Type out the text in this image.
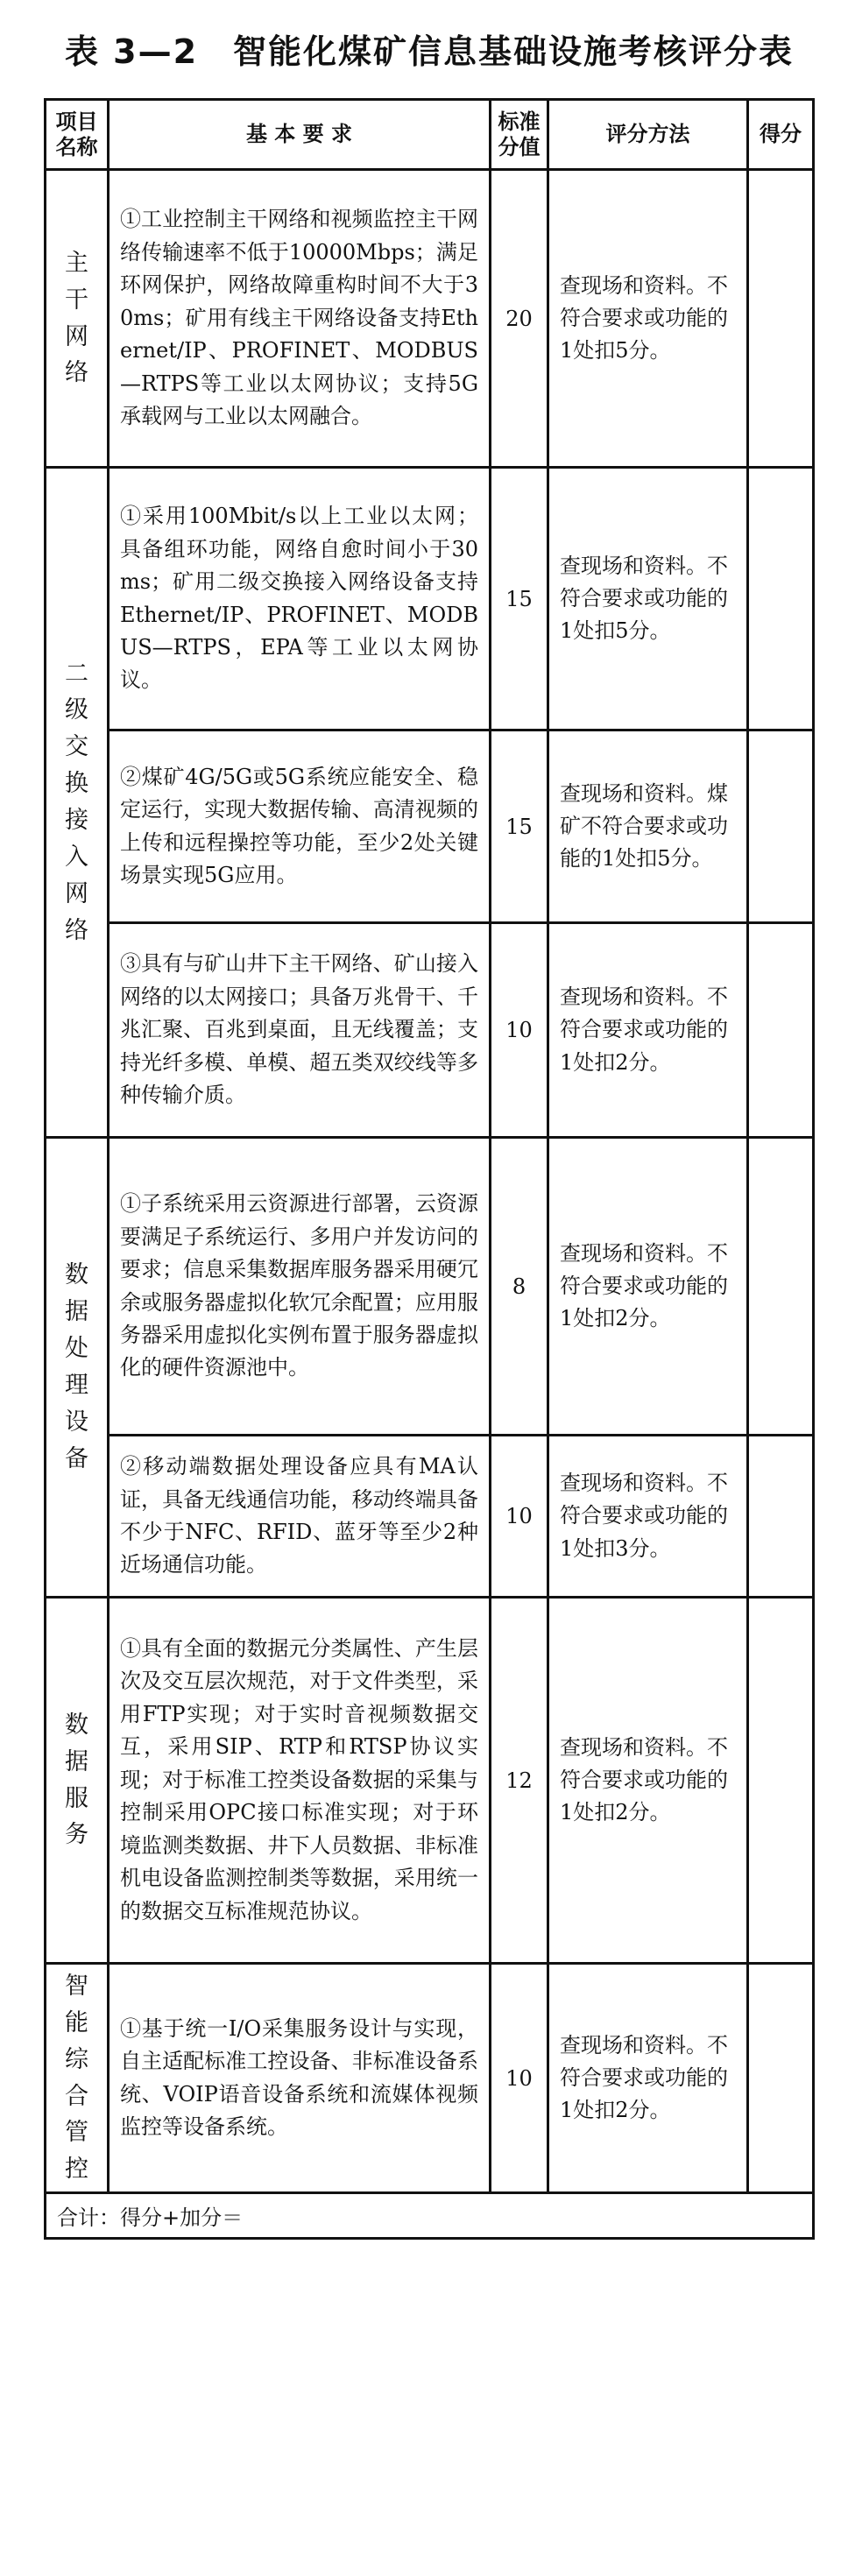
表 3—2　智能化煤矿信息基础设施考核评分表
项目名称	基 本 要 求	标准分值	评分方法	得分
主干网络	①工业控制主干网络和视频监控主干网络传输速率不低于10000Mbps；满足环网保护，网络故障重构时间不大于30ms；矿用有线主干网络设备支持Ethernet/IP、PROFINET、MODBUS—RTPS等工业以太网协议；支持5G承载网与工业以太网融合。	20	查现场和资料。不符合要求或功能的1处扣5分。	
二级交换接入网络	①采用100Mbit/s以上工业以太网；具备组环功能，网络自愈时间小于30ms；矿用二级交换接入网络设备支持Ethernet/IP、PROFINET、MODBUS—RTPS，EPA等工业以太网协议。	15	查现场和资料。不符合要求或功能的1处扣5分。	
	②煤矿4G/5G或5G系统应能安全、稳定运行，实现大数据传输、高清视频的上传和远程操控等功能，至少2处关键场景实现5G应用。	15	查现场和资料。煤矿不符合要求或功能的1处扣5分。	
	③具有与矿山井下主干网络、矿山接入网络的以太网接口；具备万兆骨干、千兆汇聚、百兆到桌面，且无线覆盖；支持光纤多模、单模、超五类双绞线等多种传输介质。	10	查现场和资料。不符合要求或功能的1处扣2分。	
数据处理设备	①子系统采用云资源进行部署，云资源要满足子系统运行、多用户并发访问的要求；信息采集数据库服务器采用硬冗余或服务器虚拟化软冗余配置；应用服务器采用虚拟化实例布置于服务器虚拟化的硬件资源池中。	8	查现场和资料。不符合要求或功能的1处扣2分。	
	②移动端数据处理设备应具有MA认证，具备无线通信功能，移动终端具备不少于NFC、RFID、蓝牙等至少2种近场通信功能。	10	查现场和资料。不符合要求或功能的1处扣3分。	
数据服务	①具有全面的数据元分类属性、产生层次及交互层次规范，对于文件类型，采用FTP实现；对于实时音视频数据交互，采用SIP、RTP和RTSP协议实现；对于标准工控类设备数据的采集与控制采用OPC接口标准实现；对于环境监测类数据、井下人员数据、非标准机电设备监测控制类等数据，采用统一的数据交互标准规范协议。	12	查现场和资料。不符合要求或功能的1处扣2分。	
智能综合管控	①基于统一I/O采集服务设计与实现，自主适配标准工控设备、非标准设备系统、VOIP语音设备系统和流媒体视频监控等设备系统。	10	查现场和资料。不符合要求或功能的1处扣2分。	
合计：得分+加分＝				
